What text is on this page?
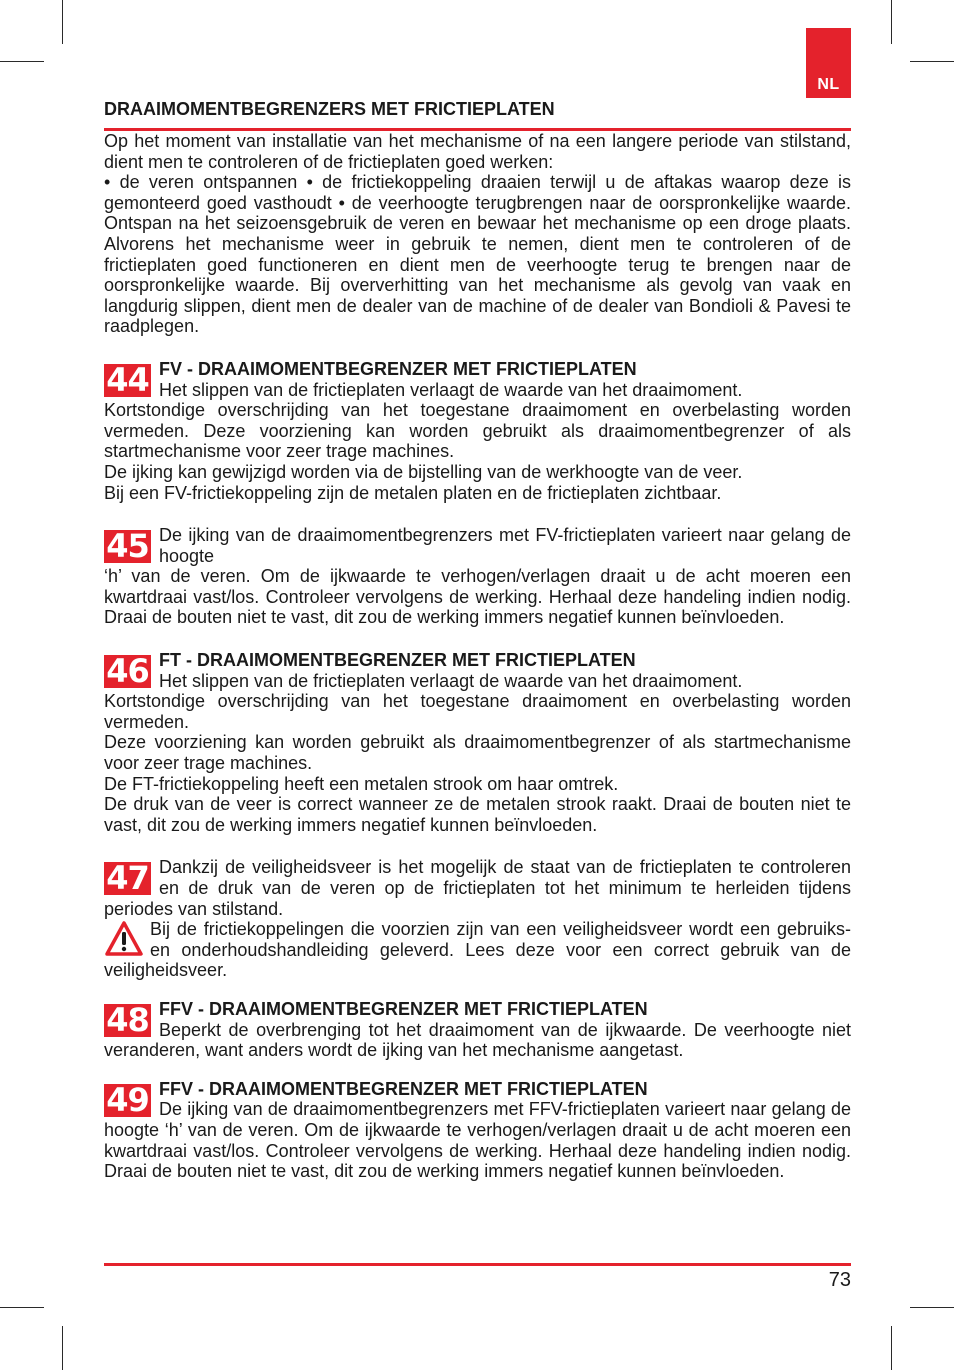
NL
DRAAIMOMENTBEGRENZERS MET FRICTIEPLATEN

Op het moment van installatie van het mechanisme of na een langere periode van stilstand, dient men te controleren of de frictieplaten goed werken:
• de veren ontspannen • de frictiekoppeling draaien terwijl u de aftakas waarop deze is gemonteerd goed vasthoudt • de veerhoogte terugbrengen naar de oorspronkelijke waarde. Ontspan na het seizoensgebruik de veren en bewaar het mechanisme op een droge plaats. Alvorens het mechanisme weer in gebruik te nemen, dient men te controleren of de frictieplaten goed functioneren en dient men de veerhoogte terug te brengen naar de oorspronkelijke waarde. Bij oververhitting van het mechanisme als gevolg van vaak en langdurig slippen, dient men de dealer van de machine of de dealer van Bondioli & Pavesi te raadplegen.

44 FV - DRAAIMOMENTBEGRENZER MET FRICTIEPLATEN

Het slippen van de frictieplaten verlaagt de waarde van het draaimoment.
Kortstondige overschrijding van het toegestane draaimoment en overbelasting worden vermeden. Deze voorziening kan worden gebruikt als draaimomentbegrenzer of als startmechanisme voor zeer trage machines.
De ijking kan gewijzigd worden via de bijstelling van de werkhoogte van de veer.
Bij een FV-frictiekoppeling zijn de metalen platen en de frictieplaten zichtbaar.

45 De ijking van de draaimomentbegrenzers met FV-frictieplaten varieert naar gelang de hoogte
‘h’ van de veren. Om de ijkwaarde te verhogen/verlagen draait u de acht moeren een kwartdraai vast/los. Controleer vervolgens de werking. Herhaal deze handeling indien nodig. Draai de bouten niet te vast, dit zou de werking immers negatief kunnen beïnvloeden.

46 FT - DRAAIMOMENTBEGRENZER MET FRICTIEPLATEN

Het slippen van de frictieplaten verlaagt de waarde van het draaimoment.
Kortstondige overschrijding van het toegestane draaimoment en overbelasting worden vermeden.
Deze voorziening kan worden gebruikt als draaimomentbegrenzer of als startmechanisme voor zeer trage machines.
De FT-frictiekoppeling heeft een metalen strook om haar omtrek.
De druk van de veer is correct wanneer ze de metalen strook raakt. Draai de bouten niet te vast, dit zou de werking immers negatief kunnen beïnvloeden.

47 Dankzij de veiligheidsveer is het mogelijk de staat van de frictieplaten te controleren en de druk van de veren op de frictieplaten tot het minimum te herleiden tijdens periodes van stilstand.

Bij de frictiekoppelingen die voorzien zijn van een veiligheidsveer wordt een gebruiks- en onderhoudshandleiding geleverd. Lees deze voor een correct gebruik van de veiligheidsveer.

48 FFV - DRAAIMOMENTBEGRENZER MET FRICTIEPLATEN

Beperkt de overbrenging tot het draaimoment van de ijkwaarde. De veerhoogte niet veranderen, want anders wordt de ijking van het mechanisme aangetast.

49 FFV - DRAAIMOMENTBEGRENZER MET FRICTIEPLATEN

De ijking van de draaimomentbegrenzers met FFV-frictieplaten varieert naar gelang de hoogte ‘h’ van de veren. Om de ijkwaarde te verhogen/verlagen draait u de acht moeren een kwartdraai vast/los. Controleer vervolgens de werking. Herhaal deze handeling indien nodig. Draai de bouten niet te vast, dit zou de werking immers negatief kunnen beïnvloeden.

73
